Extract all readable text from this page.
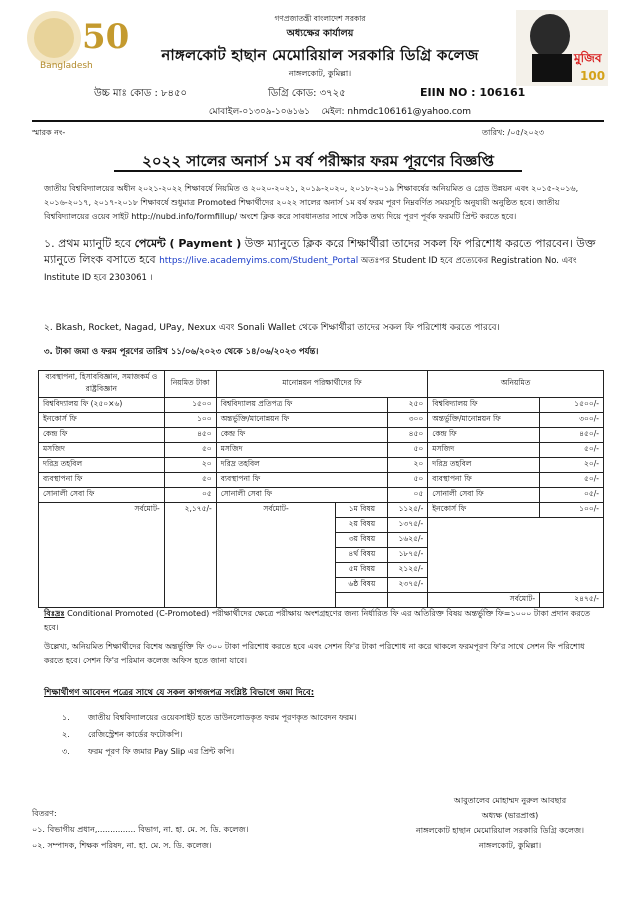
50
Bangladesh
মুজিব
100
গণপ্রজাতন্ত্রী বাংলাদেশ সরকার
অধ্যক্ষের কার্যালয়
নাঙ্গলকোট হাছান মেমোরিয়াল সরকারি ডিগ্রি কলেজ
নাঙ্গলকোট, কুমিল্লা।
উচ্চ মাঃ কোড : ৮৪৫০	ডিগ্রি কোড: ৩৭২৫	EIIN NO : 106161
মোবাইল-০১৩০৯-১০৬১৬১ মেইল: nhmdc106161@yahoo.com
স্মারক নং-	তারিখ: /০৫/২০২৩
২০২২ সালের অনার্স ১ম বর্ষ পরীক্ষার ফরম পূরণের বিজ্ঞপ্তি
জাতীয় বিশ্ববিদ্যালয়ের অধীন ২০২১-২০২২ শিক্ষাবর্ষে নিয়মিত ও ২০২০-২০২১, ২০১৯-২০২০, ২০১৮-২০১৯ শিক্ষাবর্ষের অনিয়মিত ও গ্রেড উন্নয়ন এবং ২০১৫-২০১৬, ২০১৬-২০১৭, ২০১৭-২০১৮ শিক্ষাবর্ষে শুধুমাত্র Promoted শিক্ষার্থীদের ২০২২ সালের অনার্স ১ম বর্ষ ফরম পূরণ নিম্নবর্ণিত সময়সূচি অনুযায়ী অনুষ্ঠিত হবে। জাতীয় বিশ্ববিদ্যালয়ের ওয়েব সাইট http://nubd.info/formfillup/ অংশে ক্লিক করে সাবধানতার সাথে সঠিক তথ্য দিয়ে পূরণ পূর্বক ফরমটি প্রিন্ট করতে হবে।
১. প্রথম ম্যানুটি হবে পেমেন্ট ( Payment ) উক্ত ম্যানুতে ক্লিক করে শিক্ষার্থীরা তাদের সকল ফি পরিশোধ করতে পারবেন। উক্ত ম্যানুতে লিংক বসাতে হবে https://live.academyims.com/Student_Portal অতঃপর Student ID হবে প্রত্যেকের Registration No. এবং Institute ID হবে 2303061 ।
২. Bkash, Rocket, Nagad, UPay, Nexux এবং Sonali Wallet থেকে শিক্ষার্থীরা তাদের সকল ফি পরিশোধ করতে পারবে।
৩. টাকা জমা ও ফরম পূরণের তারিখ ১১/০৬/২০২৩ থেকে ১৪/০৬/২০২৩ পর্যন্ত।
ব্যবস্থাপনা, হিসাববিজ্ঞান, সমাজকর্ম ও রাষ্ট্রবিজ্ঞান	নিয়মিত টাকা	মানোন্নয়ন পরিক্ষার্থীদের ফি			অনিয়মিত	
বিশ্ববিদ্যালয় ফি (২৫০×৬)	১৫০০	বিশ্ববিদ্যালয় প্রতিপত্র ফি		২৫০	বিশ্ববিদ্যালয় ফি	১৫০০/-
ইনকোর্স ফি	১০০	অন্তর্ভুক্তি/মানোন্নয়ন ফি		৩০০	অন্তর্ভুক্তি/মানোন্নয়ন ফি	৩০০/-
কেন্দ্র ফি	৪৫০	কেন্দ্র ফি		৪৫০	কেন্দ্র ফি	৪৫০/-
মসজিদ	৫০	মসজিদ		৫০	মসজিদ	৫০/-
দরিদ্র তহবিল	২০	দরিদ্র তহবিল		২০	দরিদ্র তহবিল	২০/-
ব্যবস্থাপনা ফি	৫০	ব্যবস্থাপনা ফি		৫০	ব্যবস্থাপনা ফি	৫০/-
সোনালী সেবা ফি	০৫	সোনালী সেবা ফি		০৫	সোনালী সেবা ফি	০৫/-
সর্বমোট-	২,১৭৫/-	সর্বমোট-	১ম বিষয়	১১২৫/-	ইনকোর্স ফি	১০০/-
			২য় বিষয়	১৩৭৫/-		
			৩য় বিষয়	১৬২৫/-		
			৪র্থ বিষয়	১৮৭৫/-		
			৫ম বিষয়	২১২৫/-		
			৬ষ্ঠ বিষয়	২৩৭৫/-		
					সর্বমোট-	২৪৭৫/-
বিঃদ্রঃ Conditional Promoted (C-Promoted) পরীক্ষার্থীদের ক্ষেত্রে পরীক্ষায় অংশগ্রহণের জন্য নির্ধারিত ফি এর অতিরিক্ত বিষয় অন্তর্ভুক্তি ফি=১০০০ টাকা প্রদান করতে হবে।
উল্লেখ্য, অনিয়মিত শিক্ষার্থীদের বিশেষ অন্তর্ভুক্তি ফি ৩০০ টাকা পরিশোধ করতে হবে এবং সেশন ফি'র টাকা পরিশোধ না করে থাকলে ফরমপূরণ ফি'র সাথে সেশন ফি পরিশোধ করতে হবে। সেশন ফি'র পরিমান কলেজ অফিস হতে জানা যাবে।
শিক্ষার্থীগণ আবেদন পত্রের সাথে যে সকল কাগজপত্র সংশ্লিষ্ট বিভাগে জমা দিবে:
১. জাতীয় বিশ্ববিদ্যালয়ের ওয়েবসাইট হতে ডাউনলোডকৃত ফরম পূরণকৃত আবেদন ফরম।
২. রেজিস্ট্রেশন কার্ডের ফটোকপি।
৩. ফরম পূরণ ফি জমার Pay Slip এর প্রিন্ট কপি।
আবুতালেব মোহাম্মদ নুরুল আবছার
অধ্যক্ষ (ভারপ্রাপ্ত)
নাঙ্গলকোট হাছান মেমোরিয়াল সরকারি ডিগ্রি কলেজ।
নাঙ্গলকোট, কুমিল্লা।
বিতরণ:
০১. বিভাগীয় প্রধান,............... বিভাগ, না. হা. মে. স. ডি. কলেজ।
০২. সম্পাদক, শিক্ষক পরিষদ, না. হা. মে. স. ডি. কলেজ।
